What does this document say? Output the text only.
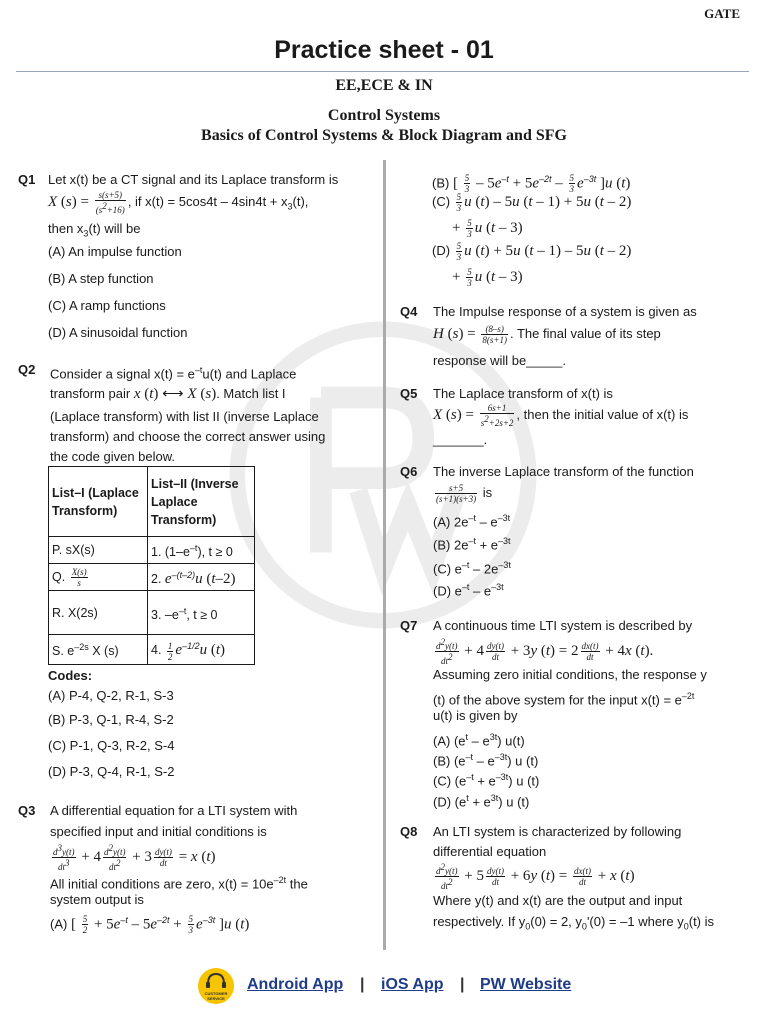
GATE
Practice sheet - 01
EE,ECE & IN
Control Systems
Basics of Control Systems & Block Diagram and SFG
Q1 Let x(t) be a CT signal and its Laplace transform is
X $(s) = \frac{s(s+5)}{(s^2+16)}$ , if $x(t) = 5\cos 4t - 4\sin 4t + x_3(t)$,
then $x_3(t)$ will be
(A) An impulse function
(B) A step function
(C) A ramp functions
(D) A sinusoidal function
Q2 Consider a signal $x(t) = e^{-t}u(t)$ and Laplace
transform pair x (t) ⟷ X (s). Match list I
(Laplace transform) with list II (inverse Laplace
transform) and choose the correct answer using
the code given below.
List–I (Laplace Transform)	List–II (Inverse Laplace Transform)
P. sX(s)	1. $(1-e^{-t})$, t ≥ 0
Q. $\frac{X(s)}{s}$	2. $e^{-(t-2)}u$ (t–2)
R. X(2s)	3. $-e^{-t}$, t ≥ 0
S. $e^{-2s}$ X (s)	4. $\frac{1}{2} e^{-1/2}u$ (t)
Codes:
(A) P-4, Q-2, R-1, S-3
(B) P-3, Q-1, R-4, S-2
(C) P-1, Q-3, R-2, S-4
(D) P-3, Q-4, R-1, S-2
Q3 A differential equation for a LTI system with
specified input and initial conditions is
$\frac{d^3y(t)}{dt^3} + 4 \frac{d^2y(t)}{dt^2} + 3 \frac{dy(t)}{dt} = x$ (t)
All initial conditions are zero, $x(t) = 10e^{-2t}$ the
system output is
(A) [ $\frac{5}{2} + 5e^{-t} - 5e^{-2t} + \frac{5}{3} e^{-3t}$ ]u (t)
(B) [ $\frac{5}{3} - 5e^{-t} + 5e^{-2t} - \frac{5}{3} e^{-3t}$ ]u (t)
$(C) \frac{5}{3}$ u (t) – 5u (t – 1) + 5u (t – 2)
+ $\frac{5}{3}$ u (t – 3)
$(D) \frac{5}{3}$ u (t) + 5u (t – 1) – 5u (t – 2)
+ $\frac{5}{3}$ u (t – 3)
Q4 The Impulse response of a system is given as
H $(s) = \frac{(8-s)}{8(s+1)}$ . The final value of its step
response will be_____.
Q5 The Laplace transform of x(t) is
X $(s) = \frac{6s+1}{s^2+2s+2}$ , then the initial value of x(t) is
_______.
Q6 The inverse Laplace transform of the function
$\frac{s+5}{(s+1)(s+3)}$ is
(A) $2e^{-t} - e^{-3t}$
(B) $2e^{-t} + e^{-3t}$
(C) $e^{-t} - 2e^{-3t}$
(D) $e^{-t} - e^{-3t}$
Q7 A continuous time LTI system is described by
$\frac{d^2y(t)}{dt^2} + 4 \frac{dy(t)}{dt} + 3y$ $(t) = 2 \frac{dx(t)}{dt} + 4x$ (t).
Assuming zero initial conditions, the response y
(t) of the above system for the input $x(t) = e^{-2t}$
u(t) is given by
(A) $(e^t - e^{3t})$ u(t)
(B) $(e^{-t} - e^{-3t})$ u (t)
(C) $(e^{-t} + e^{-3t})$ u (t)
(D) $(e^t + e^{3t})$ u (t)
Q8 An LTI system is characterized by following
differential equation
$\frac{d^2y(t)}{dt^2} + 5 \frac{dy(t)}{dt} + 6y$ $(t) = \frac{dx(t)}{dt} + x$ (t)
Where y(t) and x(t) are the output and input
respectively. If $y_0(0) = 2$, $y_0'(0) = -1$ where $y_0(t)$ is
CUSTOMER SERVICE
Android App | iOS App | PW Website
